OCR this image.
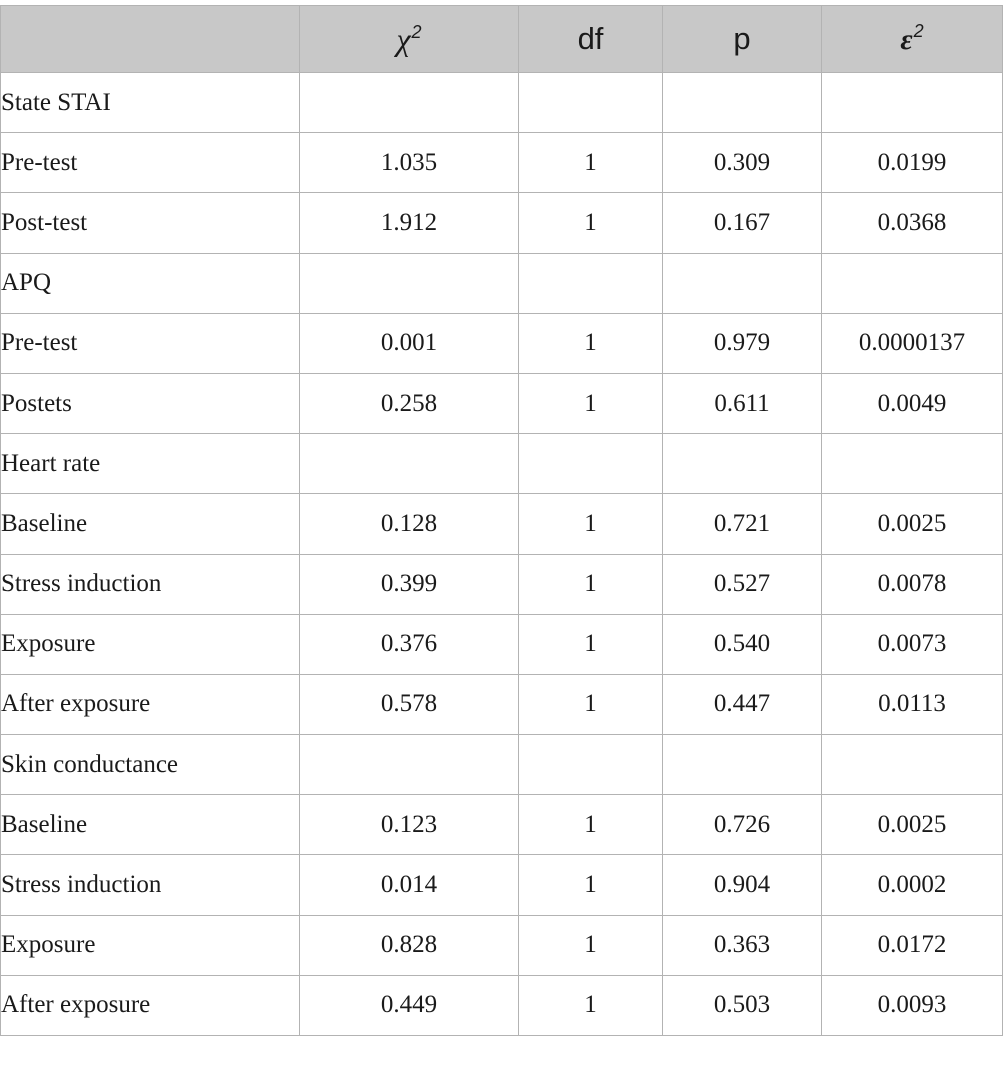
	$\chi^2$	df	p	$\varepsilon^2$
State STAI				
Pre-test	1.035	1	0.309	0.0199
Post-test	1.912	1	0.167	0.0368
APQ				
Pre-test	0.001	1	0.979	0.0000137
Postets	0.258	1	0.611	0.0049
Heart rate				
Baseline	0.128	1	0.721	0.0025
Stress induction	0.399	1	0.527	0.0078
Exposure	0.376	1	0.540	0.0073
After exposure	0.578	1	0.447	0.0113
Skin conductance				
Baseline	0.123	1	0.726	0.0025
Stress induction	0.014	1	0.904	0.0002
Exposure	0.828	1	0.363	0.0172
After exposure	0.449	1	0.503	0.0093
